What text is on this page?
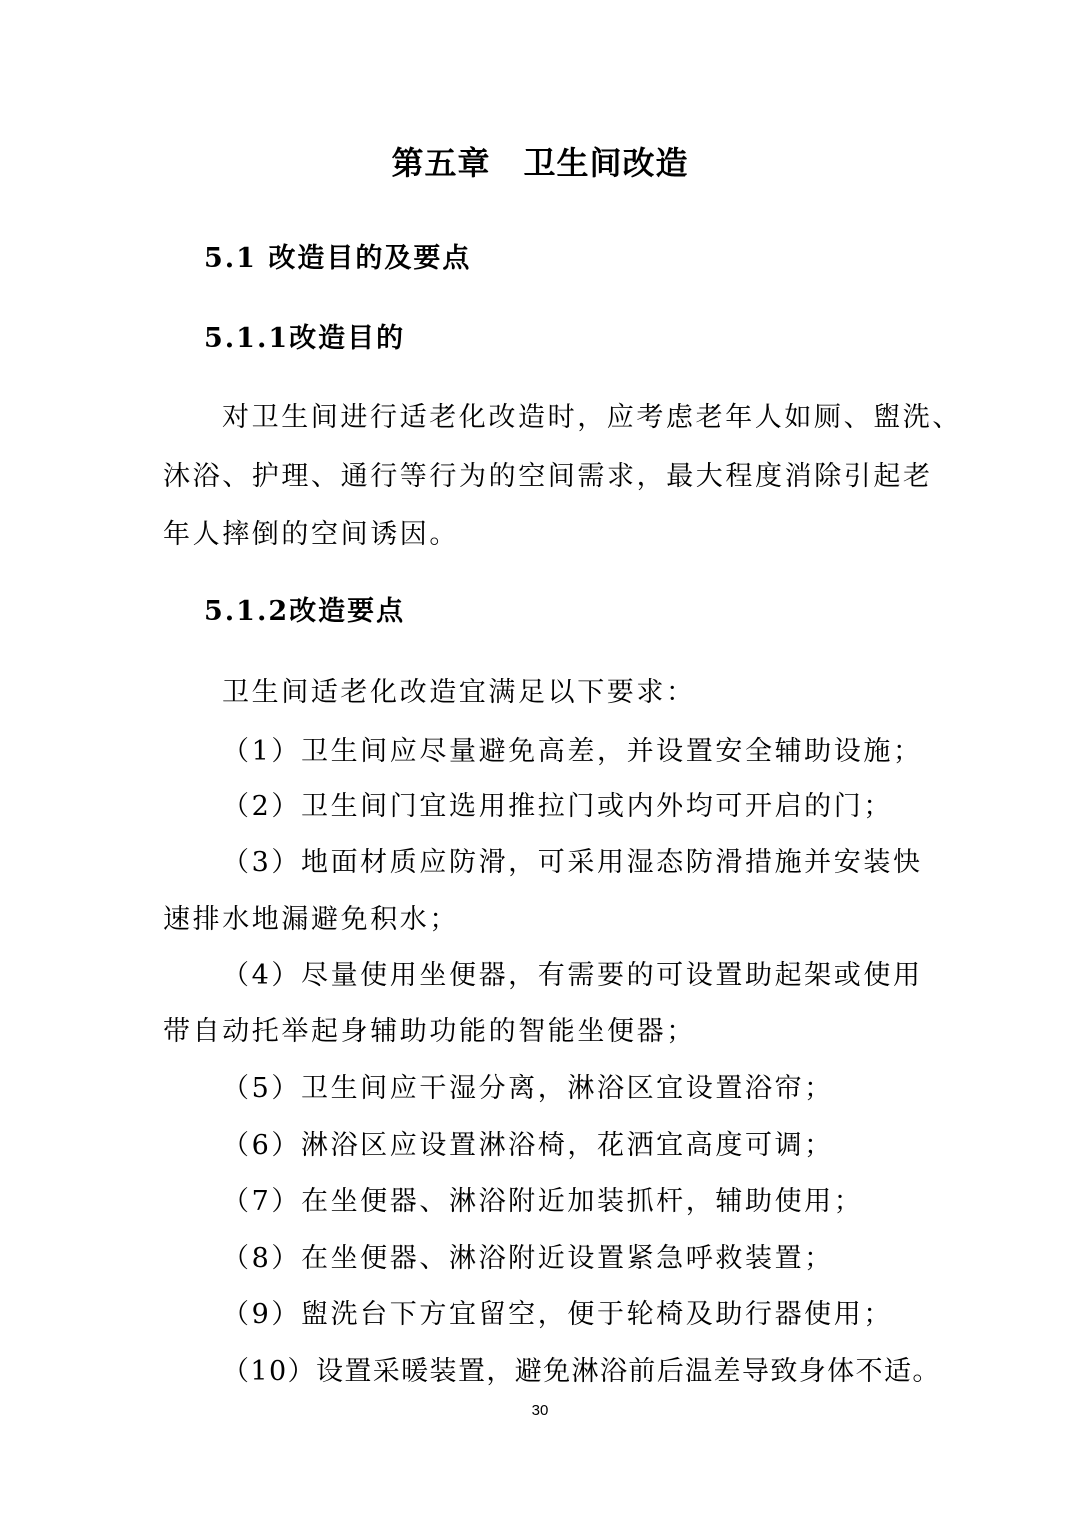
第五章　卫生间改造
5.1 改造目的及要点
5.1.1改造目的

对卫生间进行适老化改造时，应考虑老年人如厕、盥洗、

沐浴、护理、通行等行为的空间需求，最大程度消除引起老

年人摔倒的空间诱因。

5.1.2改造要点

卫生间适老化改造宜满足以下要求：

（1）卫生间应尽量避免高差，并设置安全辅助设施；

（2）卫生间门宜选用推拉门或内外均可开启的门；

（3）地面材质应防滑，可采用湿态防滑措施并安装快

速排水地漏避免积水；

（4）尽量使用坐便器，有需要的可设置助起架或使用

带自动托举起身辅助功能的智能坐便器；

（5）卫生间应干湿分离，淋浴区宜设置浴帘；

（6）淋浴区应设置淋浴椅，花洒宜高度可调；

（7）在坐便器、淋浴附近加装抓杆，辅助使用；

（8）在坐便器、淋浴附近设置紧急呼救装置；

（9）盥洗台下方宜留空，便于轮椅及助行器使用；

（10）设置采暖装置，避免淋浴前后温差导致身体不适。

30
